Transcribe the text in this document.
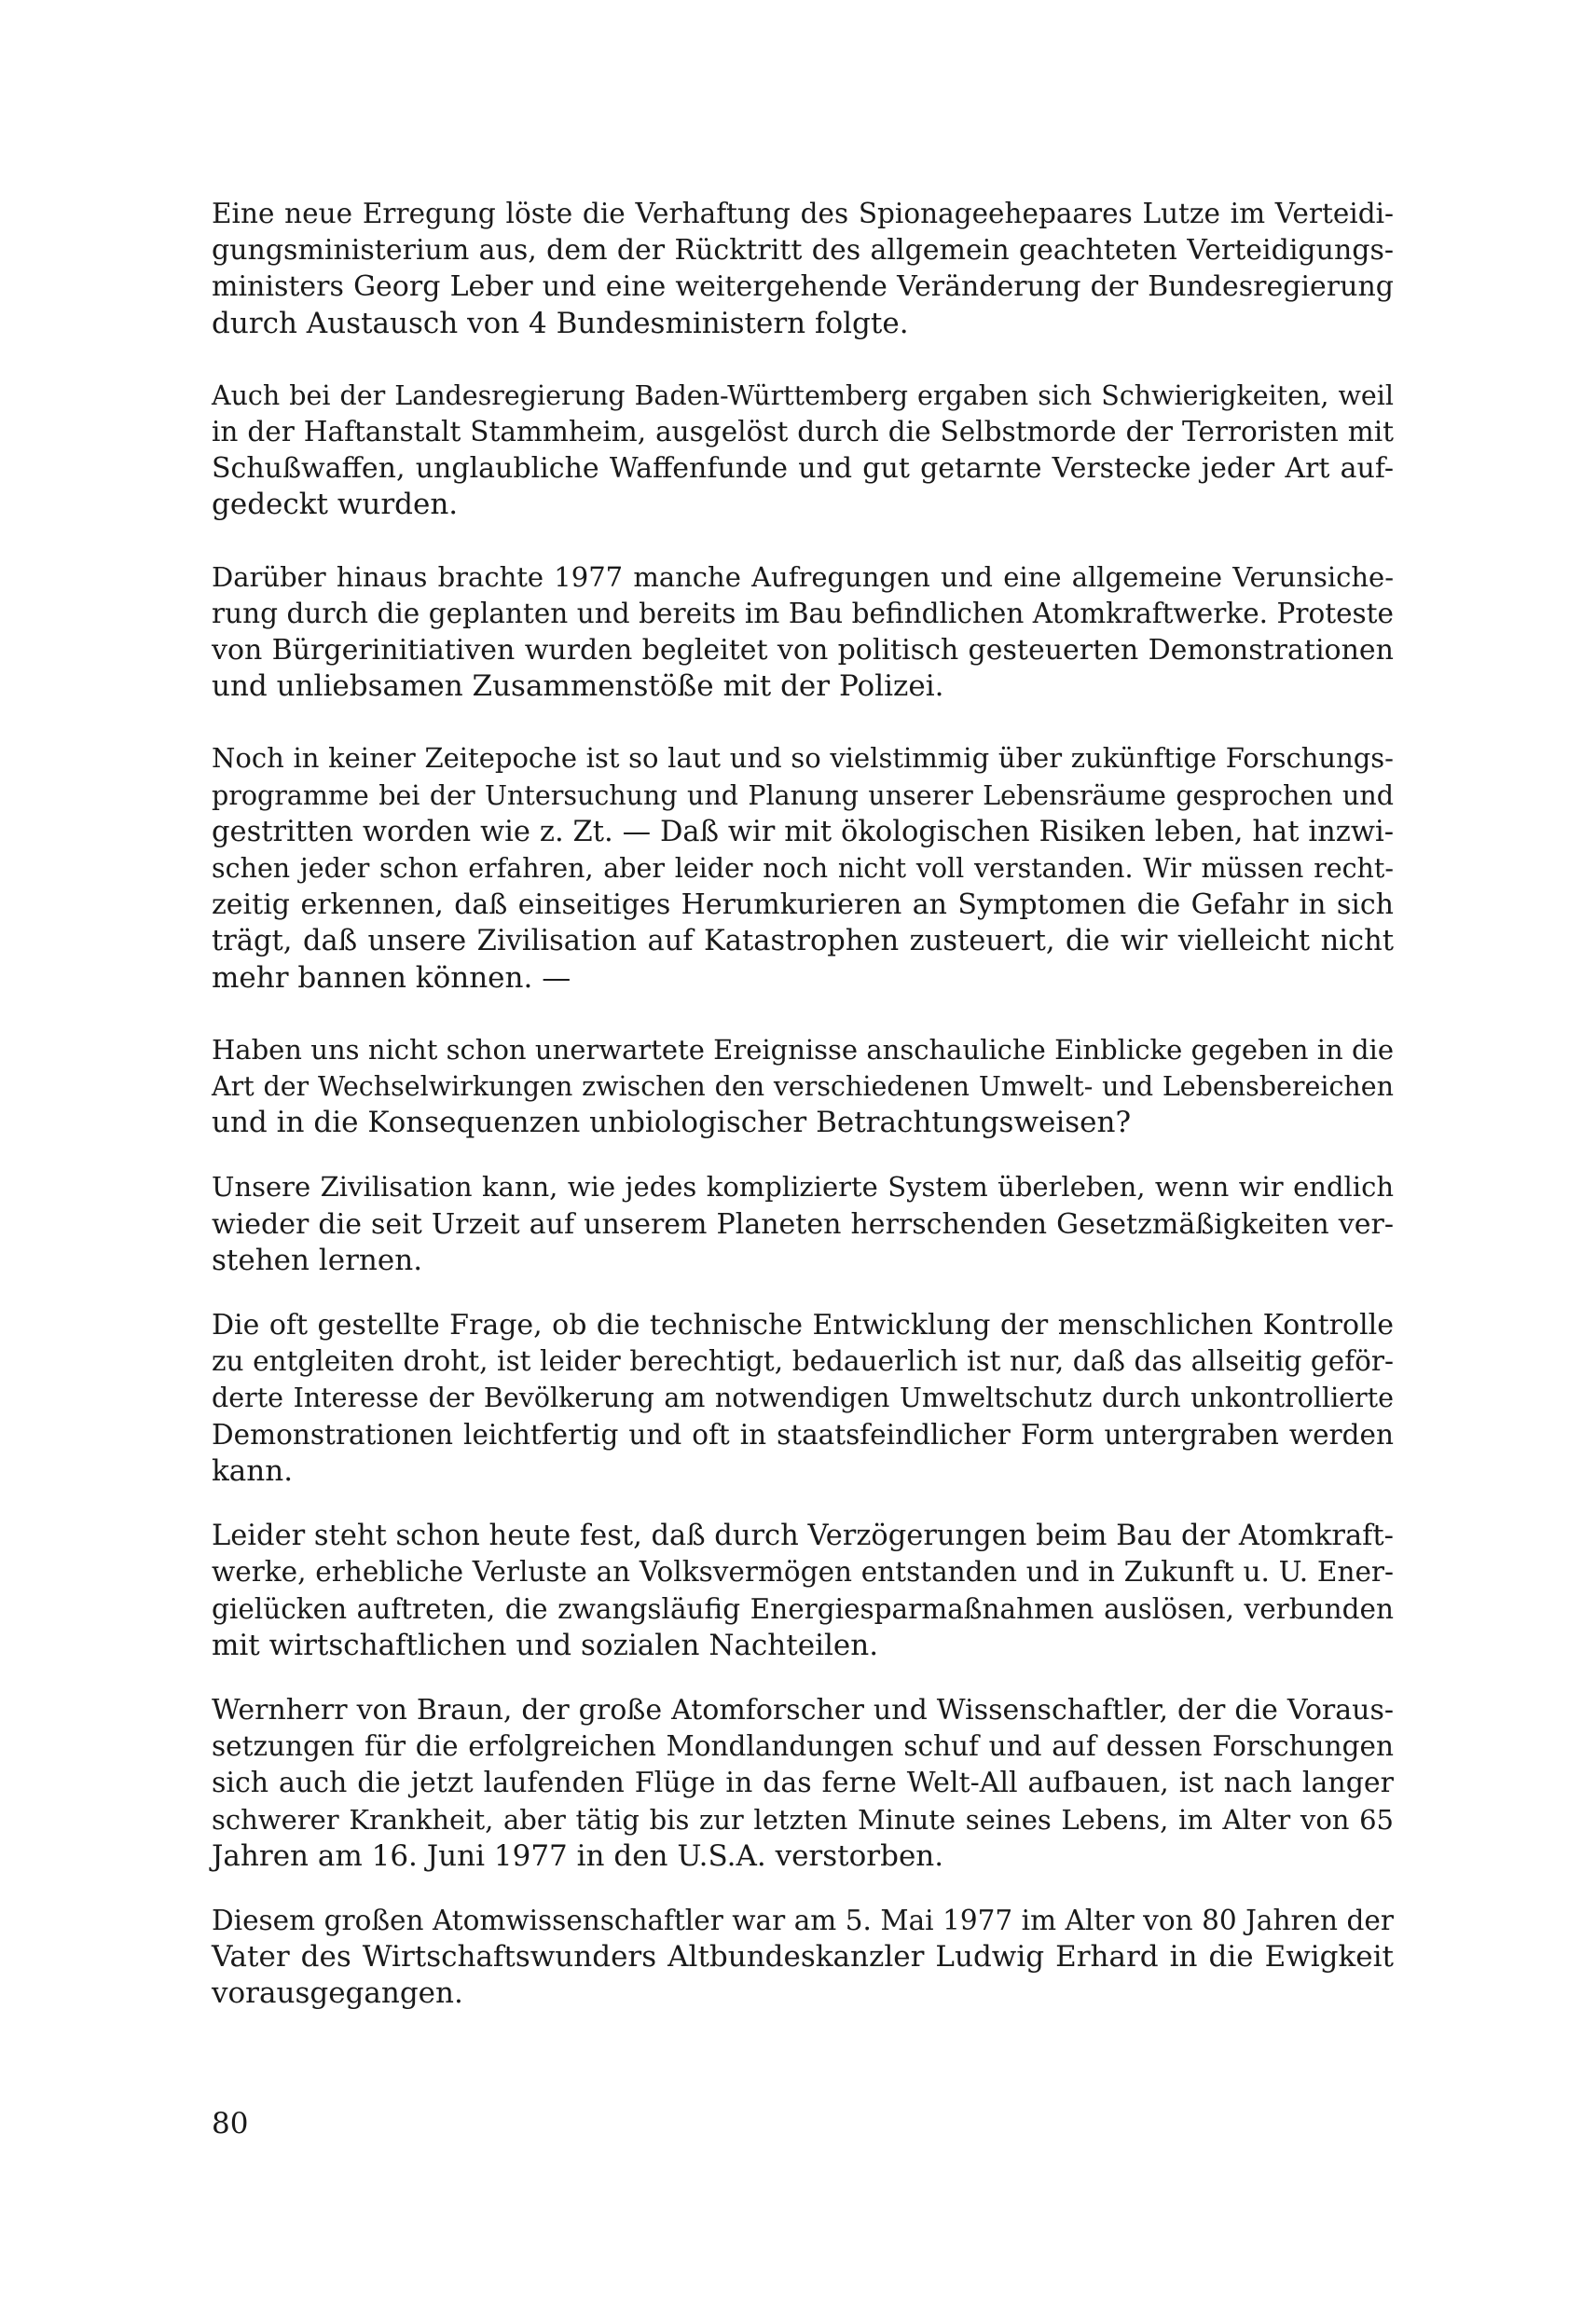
Eine neue Erregung löste die Verhaftung des Spionageehepaares Lutze im Verteidi-
gungsministerium aus, dem der Rücktritt des allgemein geachteten Verteidigungs-
ministers Georg Leber und eine weitergehende Veränderung der Bundesregierung
durch Austausch von 4 Bundesministern folgte.

Auch bei der Landesregierung Baden-Württemberg ergaben sich Schwierigkeiten, weil
in der Haftanstalt Stammheim, ausgelöst durch die Selbstmorde der Terroristen mit
Schußwaffen, unglaubliche Waffenfunde und gut getarnte Verstecke jeder Art auf-
gedeckt wurden.

Darüber hinaus brachte 1977 manche Aufregungen und eine allgemeine Verunsiche-
rung durch die geplanten und bereits im Bau befindlichen Atomkraftwerke. Proteste
von Bürgerinitiativen wurden begleitet von politisch gesteuerten Demonstrationen
und unliebsamen Zusammenstöße mit der Polizei.

Noch in keiner Zeitepoche ist so laut und so vielstimmig über zukünftige Forschungs-
programme bei der Untersuchung und Planung unserer Lebensräume gesprochen und
gestritten worden wie z. Zt. — Daß wir mit ökologischen Risiken leben, hat inzwi-
schen jeder schon erfahren, aber leider noch nicht voll verstanden. Wir müssen recht-
zeitig erkennen, daß einseitiges Herumkurieren an Symptomen die Gefahr in sich
trägt, daß unsere Zivilisation auf Katastrophen zusteuert, die wir vielleicht nicht
mehr bannen können. —

Haben uns nicht schon unerwartete Ereignisse anschauliche Einblicke gegeben in die
Art der Wechselwirkungen zwischen den verschiedenen Umwelt- und Lebensbereichen
und in die Konsequenzen unbiologischer Betrachtungsweisen?

Unsere Zivilisation kann, wie jedes komplizierte System überleben, wenn wir endlich
wieder die seit Urzeit auf unserem Planeten herrschenden Gesetzmäßigkeiten ver-
stehen lernen.

Die oft gestellte Frage, ob die technische Entwicklung der menschlichen Kontrolle
zu entgleiten droht, ist leider berechtigt, bedauerlich ist nur, daß das allseitig geför-
derte Interesse der Bevölkerung am notwendigen Umweltschutz durch unkontrollierte
Demonstrationen leichtfertig und oft in staatsfeindlicher Form untergraben werden
kann.

Leider steht schon heute fest, daß durch Verzögerungen beim Bau der Atomkraft-
werke, erhebliche Verluste an Volksvermögen entstanden und in Zukunft u. U. Ener-
gielücken auftreten, die zwangsläufig Energiesparmaßnahmen auslösen, verbunden
mit wirtschaftlichen und sozialen Nachteilen.

Wernherr von Braun, der große Atomforscher und Wissenschaftler, der die Voraus-
setzungen für die erfolgreichen Mondlandungen schuf und auf dessen Forschungen
sich auch die jetzt laufenden Flüge in das ferne Welt-All aufbauen, ist nach langer
schwerer Krankheit, aber tätig bis zur letzten Minute seines Lebens, im Alter von 65
Jahren am 16. Juni 1977 in den U.S.A. verstorben.

Diesem großen Atomwissenschaftler war am 5. Mai 1977 im Alter von 80 Jahren der
Vater des Wirtschaftswunders Altbundeskanzler Ludwig Erhard in die Ewigkeit
vorausgegangen.

80
